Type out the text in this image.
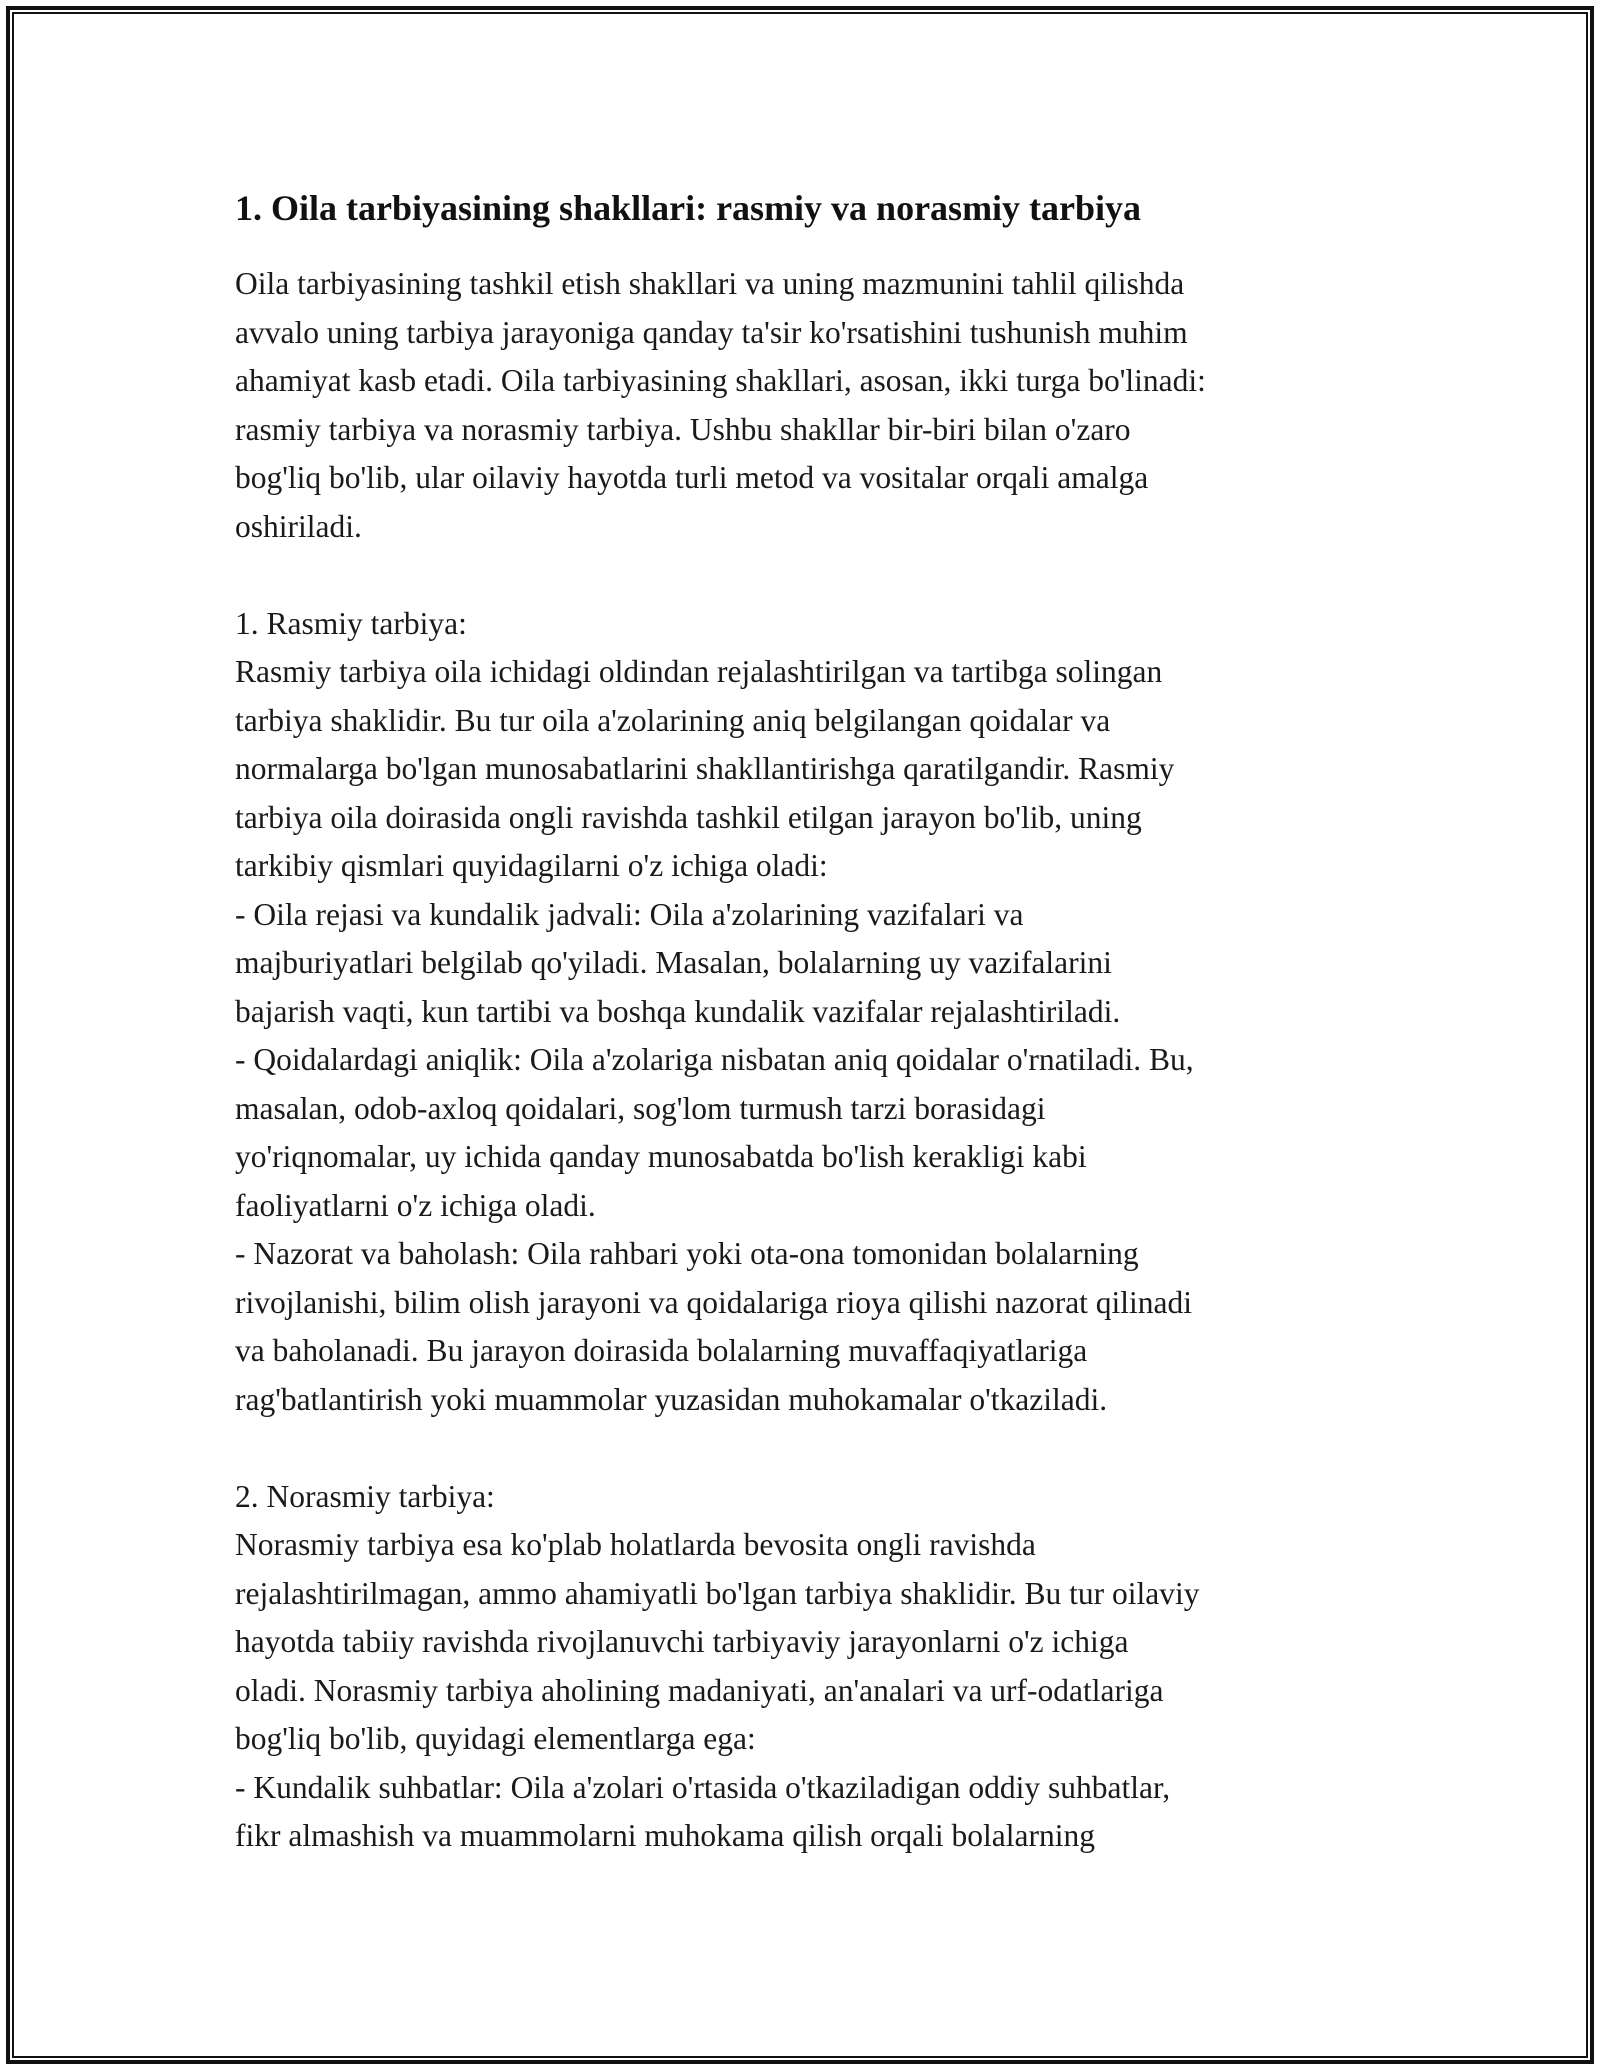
1. Oila tarbiyasining shakllari: rasmiy va norasmiy tarbiya
Oila tarbiyasining tashkil etish shakllari va uning mazmunini tahlil qilishda
avvalo uning tarbiya jarayoniga qanday ta'sir ko'rsatishini tushunish muhim
ahamiyat kasb etadi. Oila tarbiyasining shakllari, asosan, ikki turga bo'linadi:
rasmiy tarbiya va norasmiy tarbiya. Ushbu shakllar bir-biri bilan o'zaro
bog'liq bo'lib, ular oilaviy hayotda turli metod va vositalar orqali amalga
oshiriladi.
1. Rasmiy tarbiya:
Rasmiy tarbiya oila ichidagi oldindan rejalashtirilgan va tartibga solingan
tarbiya shaklidir. Bu tur oila a'zolarining aniq belgilangan qoidalar va
normalarga bo'lgan munosabatlarini shakllantirishga qaratilgandir. Rasmiy
tarbiya oila doirasida ongli ravishda tashkil etilgan jarayon bo'lib, uning
tarkibiy qismlari quyidagilarni o'z ichiga oladi:
- Oila rejasi va kundalik jadvali: Oila a'zolarining vazifalari va
majburiyatlari belgilab qo'yiladi. Masalan, bolalarning uy vazifalarini
bajarish vaqti, kun tartibi va boshqa kundalik vazifalar rejalashtiriladi.
- Qoidalardagi aniqlik: Oila a'zolariga nisbatan aniq qoidalar o'rnatiladi. Bu,
masalan, odob-axloq qoidalari, sog'lom turmush tarzi borasidagi
yo'riqnomalar, uy ichida qanday munosabatda bo'lish kerakligi kabi
faoliyatlarni o'z ichiga oladi.
- Nazorat va baholash: Oila rahbari yoki ota-ona tomonidan bolalarning
rivojlanishi, bilim olish jarayoni va qoidalariga rioya qilishi nazorat qilinadi
va baholanadi. Bu jarayon doirasida bolalarning muvaffaqiyatlariga
rag'batlantirish yoki muammolar yuzasidan muhokamalar o'tkaziladi.
2. Norasmiy tarbiya:
Norasmiy tarbiya esa ko'plab holatlarda bevosita ongli ravishda
rejalashtirilmagan, ammo ahamiyatli bo'lgan tarbiya shaklidir. Bu tur oilaviy
hayotda tabiiy ravishda rivojlanuvchi tarbiyaviy jarayonlarni o'z ichiga
oladi. Norasmiy tarbiya aholining madaniyati, an'analari va urf-odatlariga
bog'liq bo'lib, quyidagi elementlarga ega:
- Kundalik suhbatlar: Oila a'zolari o'rtasida o'tkaziladigan oddiy suhbatlar,
fikr almashish va muammolarni muhokama qilish orqali bolalarning
